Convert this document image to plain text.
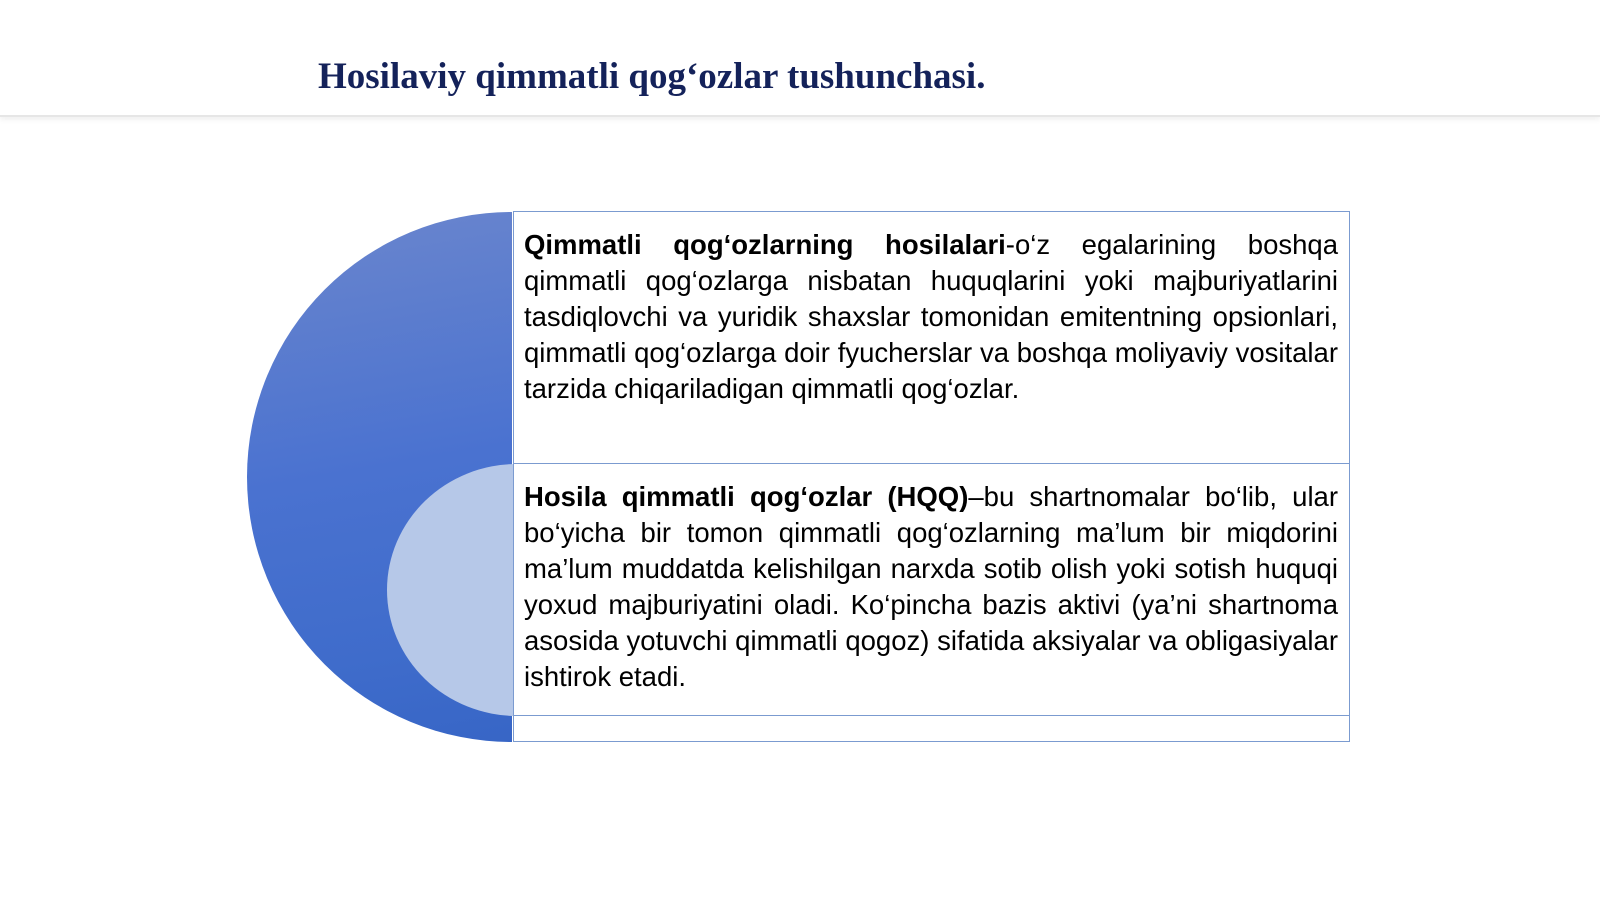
Hosilaviy qimmatli qog‘ozlar tushunchasi.

Qimmatli qog‘ozlarning hosilalari-o‘z egalarining boshqa qimmatli qog‘ozlarga nisbatan huquqlarini yoki majburiyatlarini tasdiqlovchi va yuridik shaxslar tomonidan emitentning opsionlari, qimmatli qog‘ozlarga doir fyucherslar va boshqa moliyaviy vositalar tarzida chiqariladigan qimmatli qog‘ozlar.

Hosila qimmatli qog‘ozlar (HQQ)–bu shartnomalar bo‘lib, ular bo‘yicha bir tomon qimmatli qog‘ozlarning ma’lum bir miqdorini ma’lum muddatda kelishilgan narxda sotib olish yoki sotish huquqi yoxud majburiyatini oladi. Ko‘pincha bazis aktivi (ya’ni shartnoma asosida yotuvchi qimmatli qogoz) sifatida aksiyalar va obligasiyalar ishtirok etadi.
